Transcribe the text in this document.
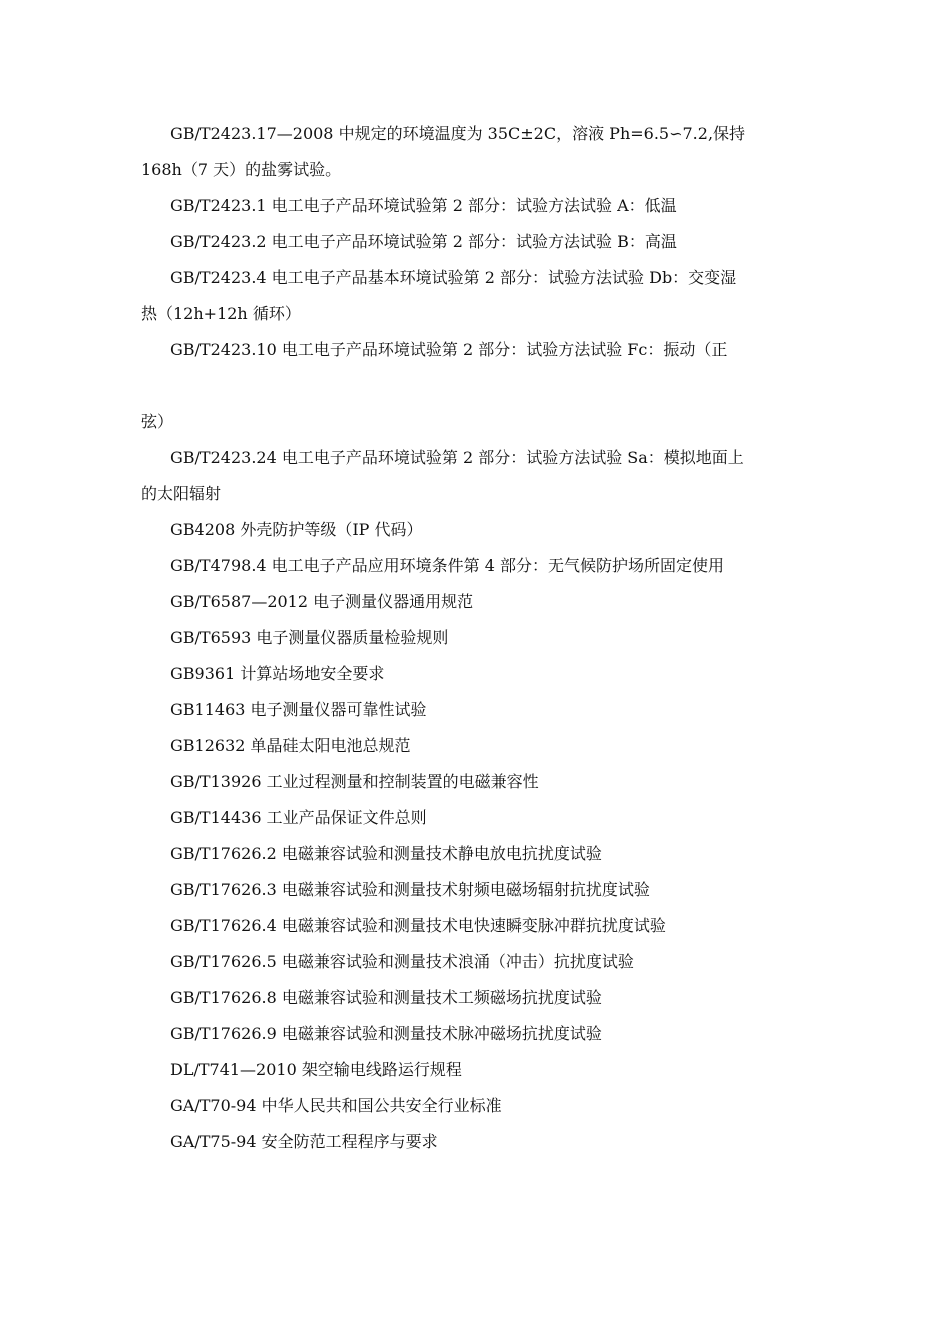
GB/T2423.17—2008 中规定的环境温度为 35C±2C，溶液 Ph=6.5∽7.2,保持
168h（7 天）的盐雾试验。

GB/T2423.1 电工电子产品环境试验第 2 部分：试验方法试验 A：低温

GB/T2423.2 电工电子产品环境试验第 2 部分：试验方法试验 B：高温

GB/T2423.4 电工电子产品基本环境试验第 2 部分：试验方法试验 Db：交变湿
热（12h+12h 循环）

GB/T2423.10 电工电子产品环境试验第 2 部分：试验方法试验 Fc：振动（正
弦）

GB/T2423.24 电工电子产品环境试验第 2 部分：试验方法试验 Sa：模拟地面上
的太阳辐射

GB4208 外壳防护等级（IP 代码）

GB/T4798.4 电工电子产品应用环境条件第 4 部分：无气候防护场所固定使用

GB/T6587—2012 电子测量仪器通用规范

GB/T6593 电子测量仪器质量检验规则

GB9361 计算站场地安全要求

GB11463 电子测量仪器可靠性试验

GB12632 单晶硅太阳电池总规范

GB/T13926 工业过程测量和控制装置的电磁兼容性

GB/T14436 工业产品保证文件总则

GB/T17626.2 电磁兼容试验和测量技术静电放电抗扰度试验

GB/T17626.3 电磁兼容试验和测量技术射频电磁场辐射抗扰度试验

GB/T17626.4 电磁兼容试验和测量技术电快速瞬变脉冲群抗扰度试验

GB/T17626.5 电磁兼容试验和测量技术浪涌（冲击）抗扰度试验

GB/T17626.8 电磁兼容试验和测量技术工频磁场抗扰度试验

GB/T17626.9 电磁兼容试验和测量技术脉冲磁场抗扰度试验

DL/T741—2010 架空输电线路运行规程

GA/T70-94 中华人民共和国公共安全行业标准

GA/T75-94 安全防范工程程序与要求
